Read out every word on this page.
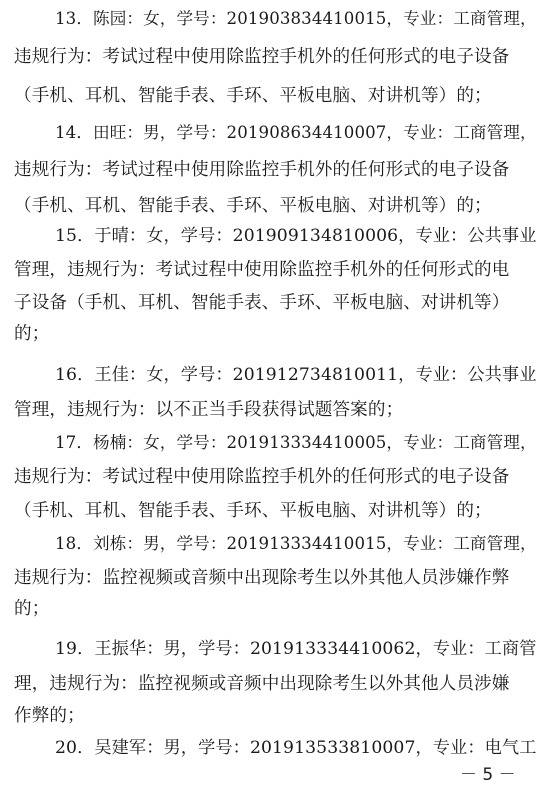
13．陈园：女，学号：201903834410015，专业：工商管理，
违规行为：考试过程中使用除监控手机外的任何形式的电子设备
（手机、耳机、智能手表、手环、平板电脑、对讲机等）的；
14．田旺：男，学号：201908634410007，专业：工商管理，
违规行为：考试过程中使用除监控手机外的任何形式的电子设备
（手机、耳机、智能手表、手环、平板电脑、对讲机等）的；
15．于晴：女，学号：201909134810006，专业：公共事业
管理，违规行为：考试过程中使用除监控手机外的任何形式的电
子设备（手机、耳机、智能手表、手环、平板电脑、对讲机等）
的；
16．王佳：女，学号：201912734810011，专业：公共事业
管理，违规行为：以不正当手段获得试题答案的；
17．杨楠：女，学号：201913334410005，专业：工商管理，
违规行为：考试过程中使用除监控手机外的任何形式的电子设备
（手机、耳机、智能手表、手环、平板电脑、对讲机等）的；
18．刘栋：男，学号：201913334410015，专业：工商管理，
违规行为：监控视频或音频中出现除考生以外其他人员涉嫌作弊
的；
19．王振华：男，学号：201913334410062，专业：工商管
理，违规行为：监控视频或音频中出现除考生以外其他人员涉嫌
作弊的；
20．吴建军：男，学号：201913533810007，专业：电气工
－ 5 －
